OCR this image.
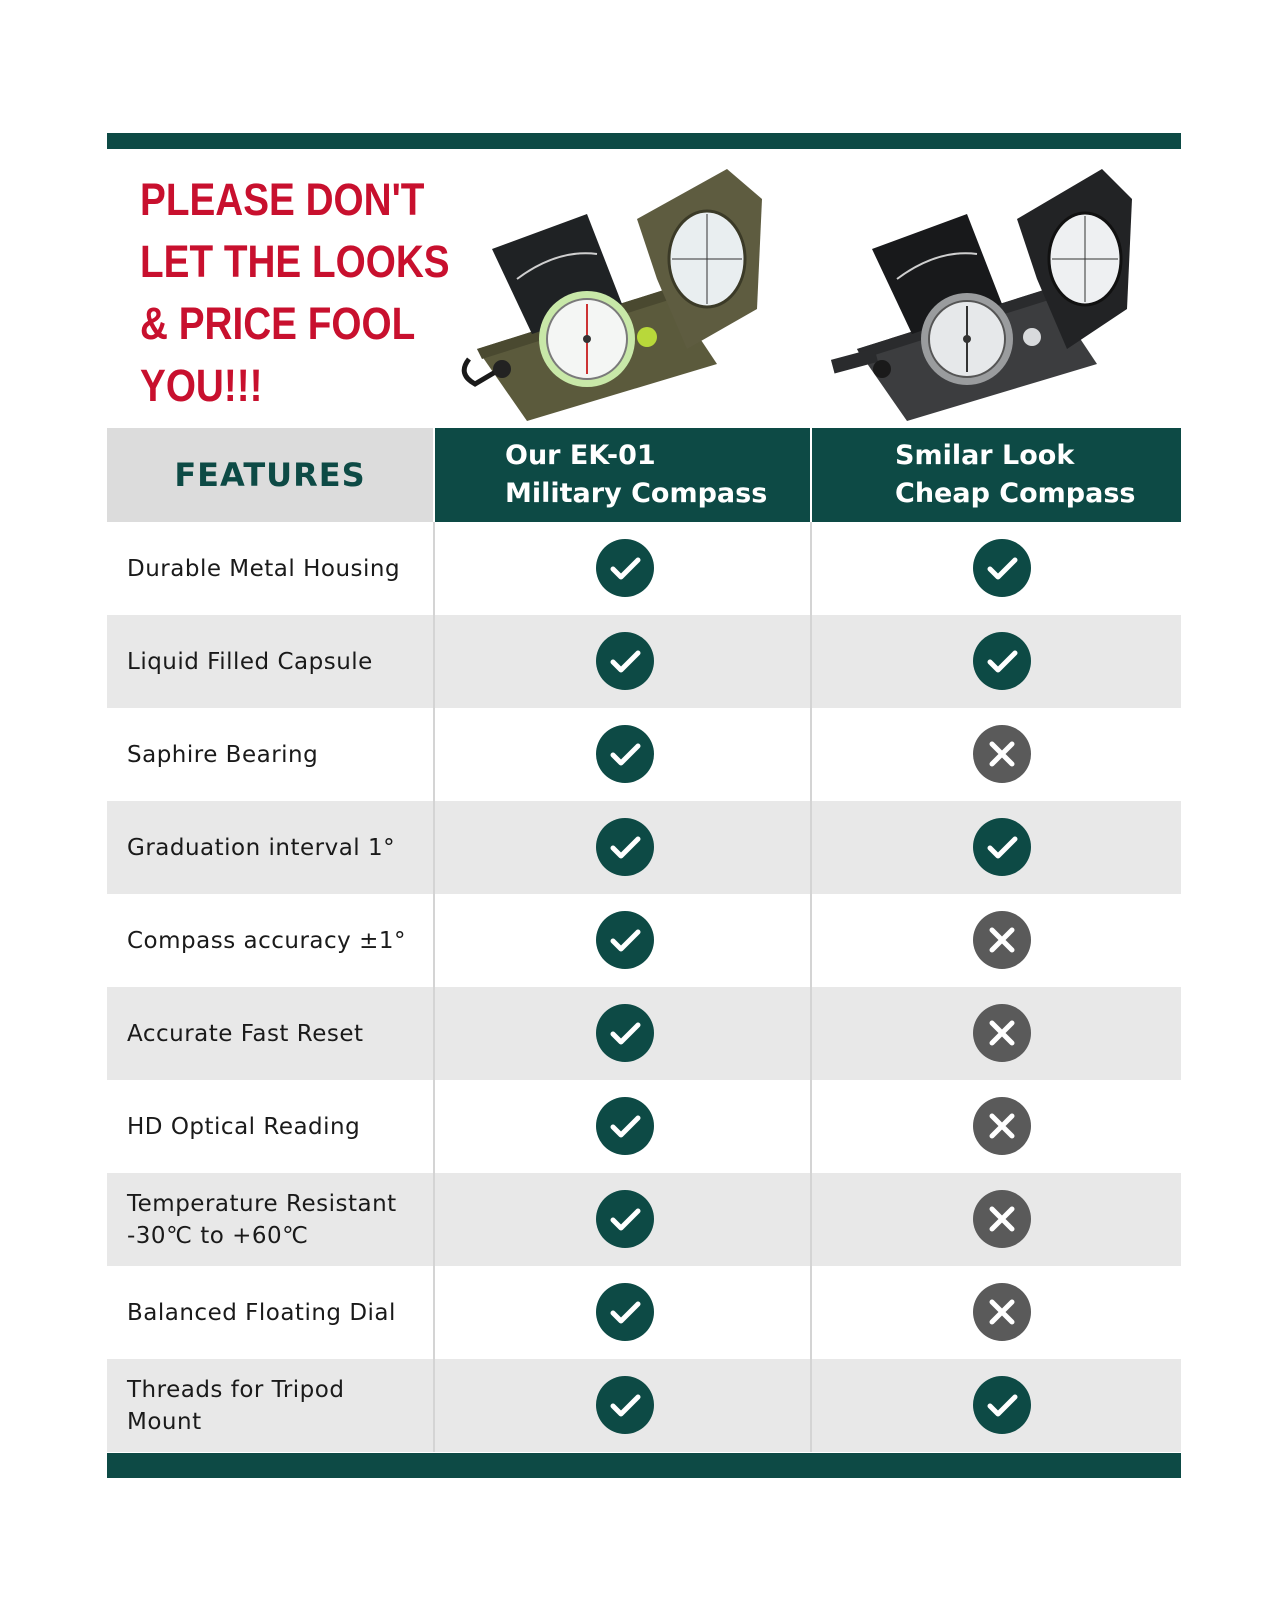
PLEASE DON'T
LET THE LOOKS
& PRICE FOOL
YOU!!!
FEATURES
Our EK-01
Military Compass
Smilar Look
Cheap Compass
Durable Metal Housing
Liquid Filled Capsule
Saphire Bearing
Graduation interval 1°
Compass accuracy ±1°
Accurate Fast Reset
HD Optical Reading
Temperature Resistant
-30℃ to +60℃
Balanced Floating Dial
Threads for Tripod
Mount
